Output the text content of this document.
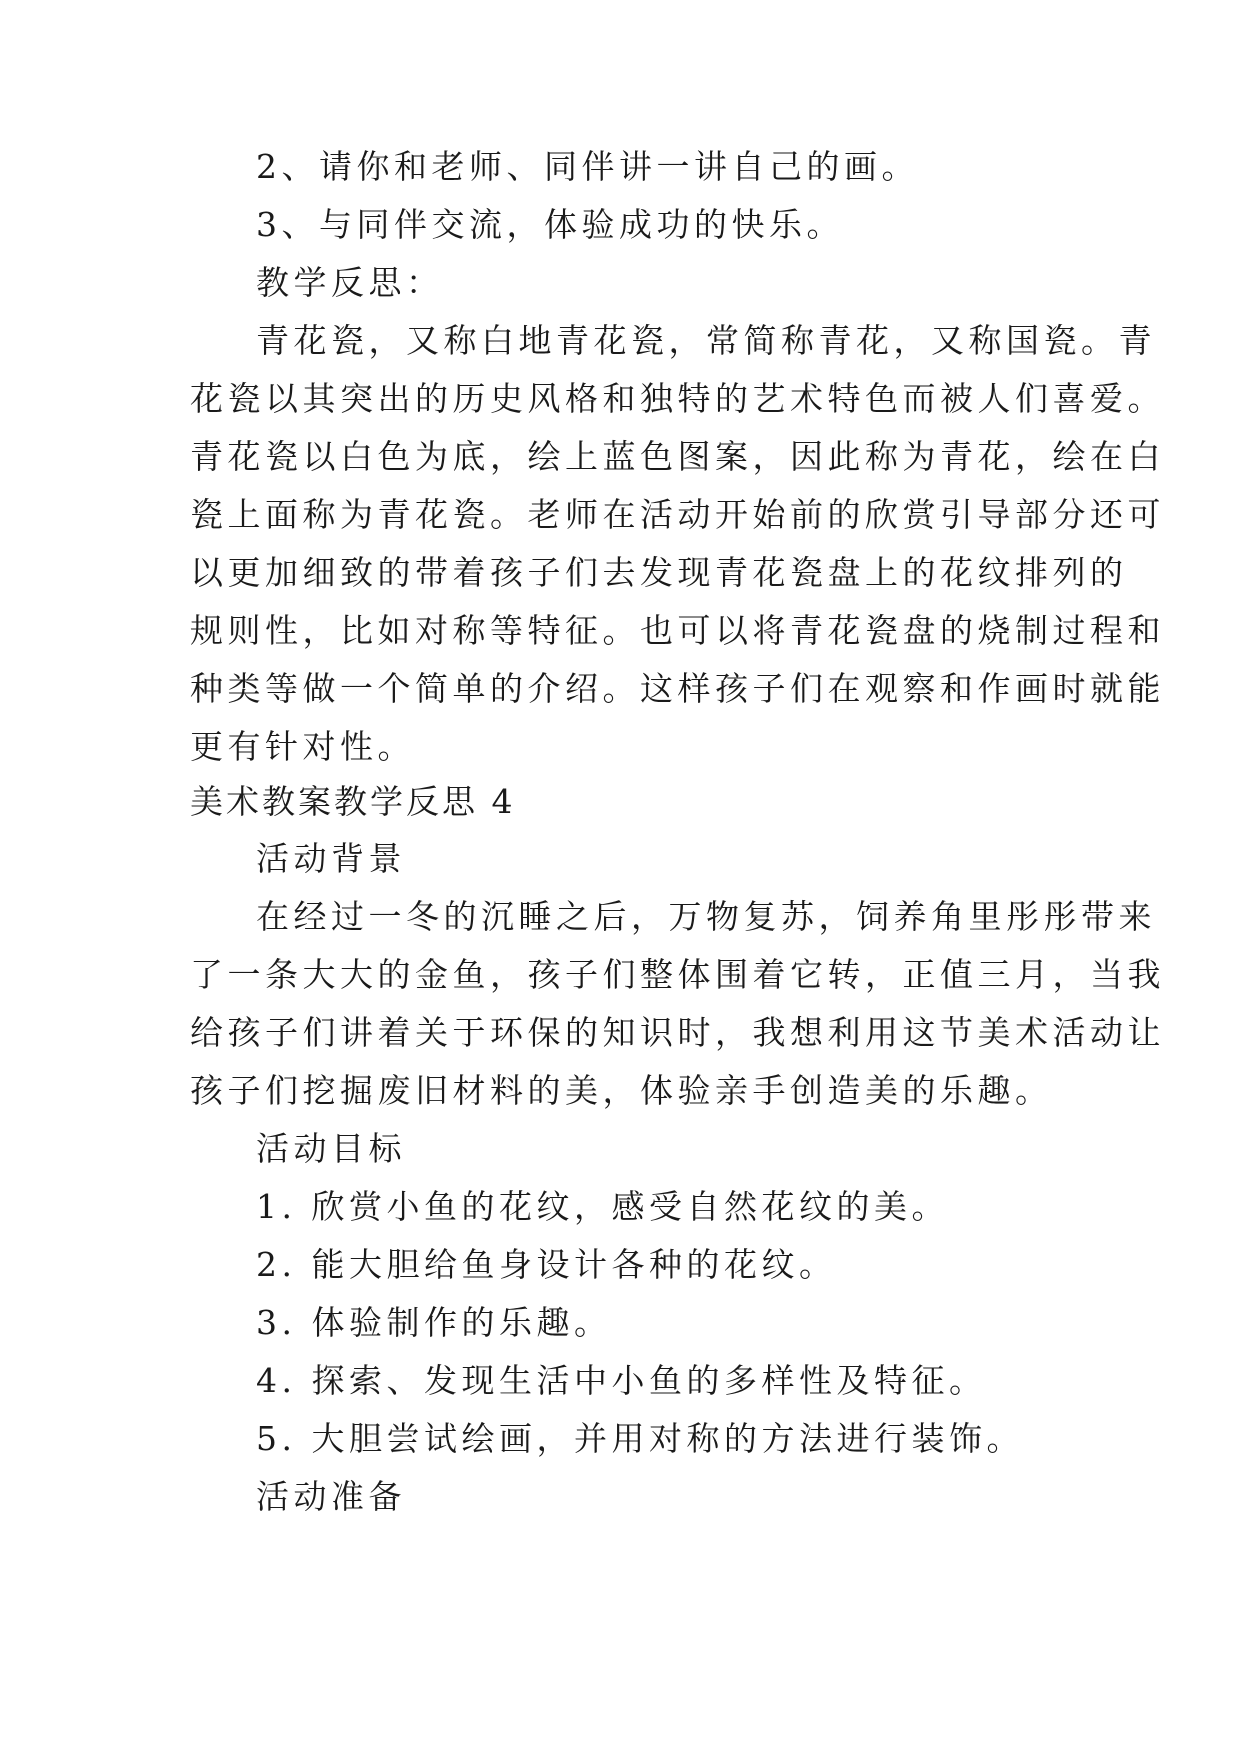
2、请你和老师、同伴讲一讲自己的画。
3、与同伴交流，体验成功的快乐。
教学反思：
青花瓷，又称白地青花瓷，常简称青花，又称国瓷。青
花瓷以其突出的历史风格和独特的艺术特色而被人们喜爱。
青花瓷以白色为底，绘上蓝色图案，因此称为青花，绘在白
瓷上面称为青花瓷。老师在活动开始前的欣赏引导部分还可
以更加细致的带着孩子们去发现青花瓷盘上的花纹排列的
规则性，比如对称等特征。也可以将青花瓷盘的烧制过程和
种类等做一个简单的介绍。这样孩子们在观察和作画时就能
更有针对性。
美术教案教学反思 4
活动背景
在经过一冬的沉睡之后，万物复苏，饲养角里彤彤带来
了一条大大的金鱼，孩子们整体围着它转，正值三月，当我
给孩子们讲着关于环保的知识时，我想利用这节美术活动让
孩子们挖掘废旧材料的美，体验亲手创造美的乐趣。
活动目标
1. 欣赏小鱼的花纹，感受自然花纹的美。
2. 能大胆给鱼身设计各种的花纹。
3. 体验制作的乐趣。
4. 探索、发现生活中小鱼的多样性及特征。
5. 大胆尝试绘画，并用对称的方法进行装饰。
活动准备
